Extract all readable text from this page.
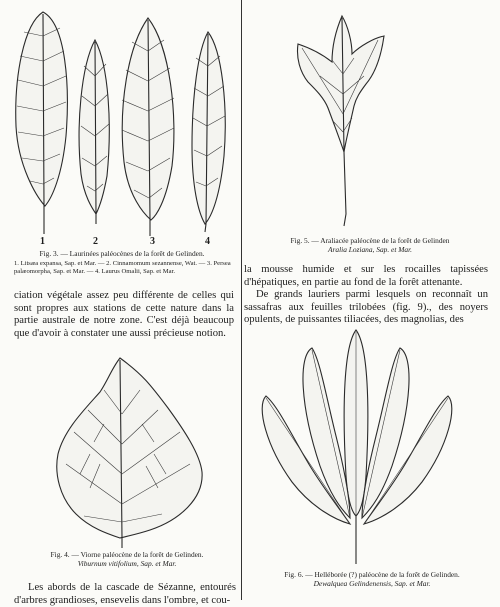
1	2	3	4
Fig. 3. — Laurinées paléocènes de la forêt de Gelinden.
1. Litsæa expansa, Sap. et Mar. — 2. Cinnamomum sezannense, Wat. — 3. Persea palæomorpha, Sap. et Mar. — 4. Laurus Omalii, Sap. et Mar.

ciation végétale assez peu différente de celles qui sont propres aux stations de cette nature dans la partie australe de notre zone. C'est déjà beaucoup que d'avoir à constater une aussi précieuse notion.

Fig. 4. — Viorne paléocène de la forêt de Gelinden.
Viburnum vitifolium, Sap. et Mar.

Les abords de la cascade de Sézanne, entourés d'arbres grandioses, ensevelis dans l'ombre, et cou-

Fig. 5. — Araliacée paléocène de la forêt de Gelinden
Aralia Loziana, Sap. et Mar.

la mousse humide et sur les rocailles tapissées d'hépatiques, en partie au fond de la forêt attenante.

De grands lauriers parmi lesquels on reconnaît un sassafras aux feuilles trilobées (fig. 9)., des noyers opulents, de puissantes tiliacées, des magnolias, des

Fig. 6. — Helléborée (?) paléocène de la forêt de Gelinden.
Dewalquea Gelindenensis, Sap. et Mar.
